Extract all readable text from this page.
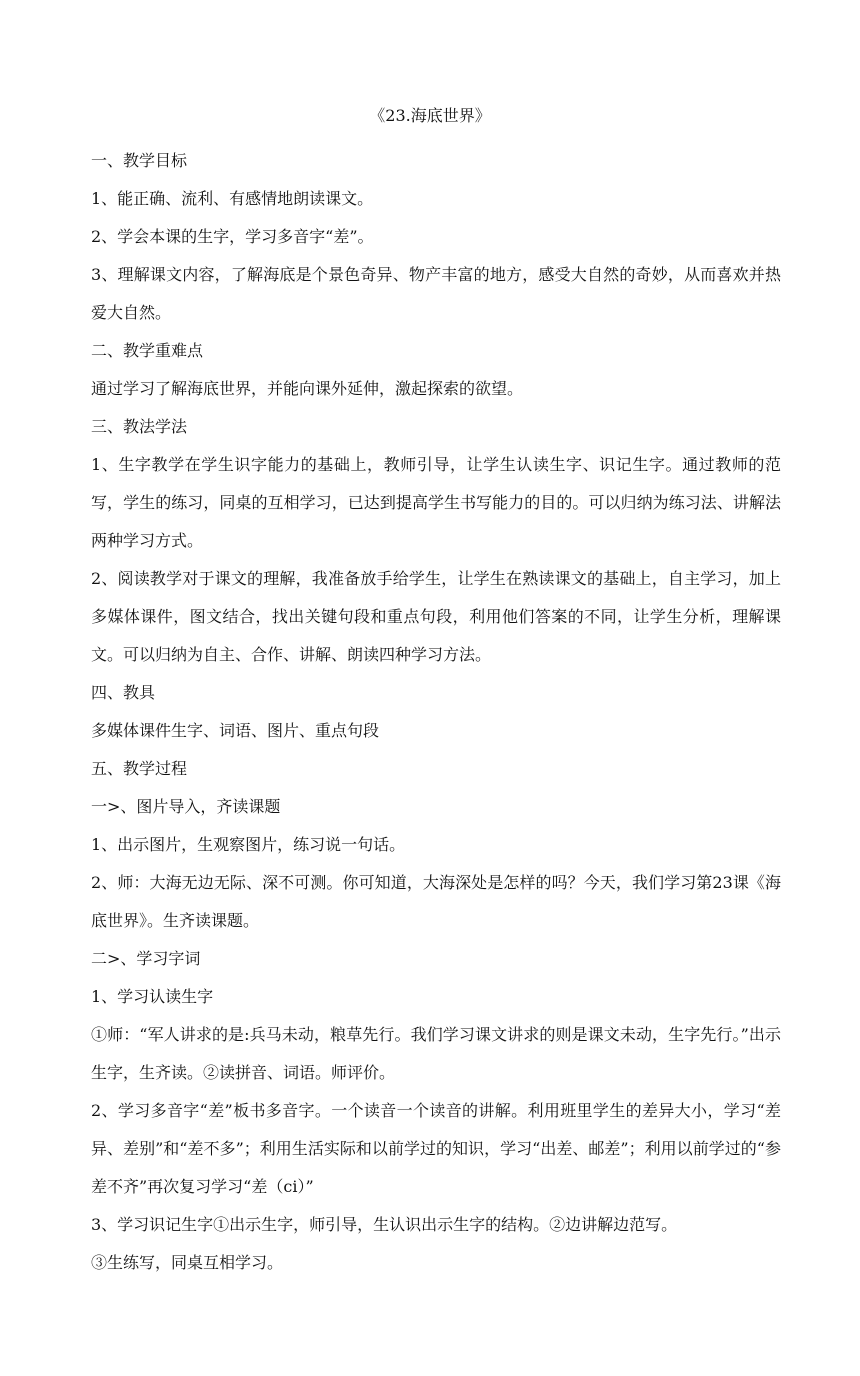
《23.海底世界》

一、教学目标

1、能正确、流利、有感情地朗读课文。

2、学会本课的生字，学习多音字“差”。

3、理解课文内容，了解海底是个景色奇异、物产丰富的地方，感受大自然的奇妙，从而喜欢并热爱大自然。

二、教学重难点

通过学习了解海底世界，并能向课外延伸，激起探索的欲望。

三、教法学法

1、生字教学在学生识字能力的基础上，教师引导，让学生认读生字、识记生字。通过教师的范写，学生的练习，同桌的互相学习，已达到提高学生书写能力的目的。可以归纳为练习法、讲解法两种学习方式。

2、阅读教学对于课文的理解，我准备放手给学生，让学生在熟读课文的基础上，自主学习，加上多媒体课件，图文结合，找出关键句段和重点句段，利用他们答案的不同，让学生分析，理解课文。可以归纳为自主、合作、讲解、朗读四种学习方法。

四、教具

多媒体课件生字、词语、图片、重点句段

五、教学过程

一>、图片导入，齐读课题

1、出示图片，生观察图片，练习说一句话。

2、师：大海无边无际、深不可测。你可知道，大海深处是怎样的吗？今天，我们学习第23课《海底世界》。生齐读课题。

二>、学习字词

1、学习认读生字

①师：“军人讲求的是:兵马未动，粮草先行。我们学习课文讲求的则是课文未动，生字先行。”出示生字，生齐读。②读拼音、词语。师评价。

2、学习多音字“差”板书多音字。一个读音一个读音的讲解。利用班里学生的差异大小，学习“差异、差别”和“差不多”；利用生活实际和以前学过的知识，学习“出差、邮差”；利用以前学过的“参差不齐”再次复习学习“差（ci）”

3、学习识记生字①出示生字，师引导，生认识出示生字的结构。②边讲解边范写。

③生练写，同桌互相学习。
